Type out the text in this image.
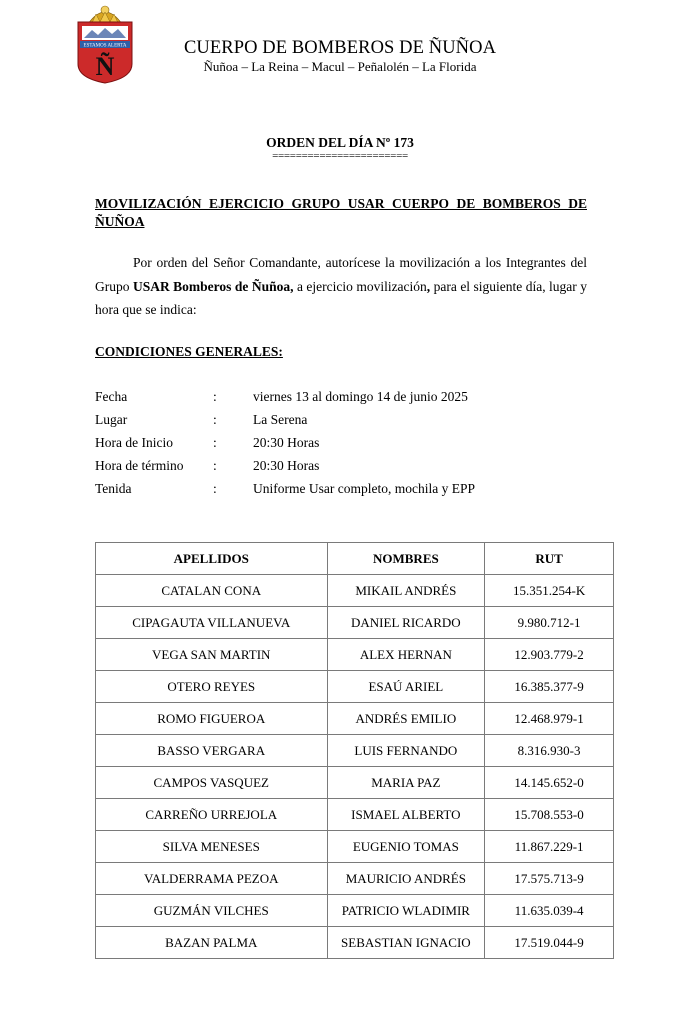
ESTAMOS ALERTA
Ñ
CUERPO DE BOMBEROS DE ÑUÑOA
Ñuñoa – La Reina – Macul – Peñalolén – La Florida
ORDEN DEL DÍA Nº 173
=======================
MOVILIZACIÓN EJERCICIO GRUPO USAR CUERPO DE BOMBEROS DE
ÑUÑOA
Por orden del Señor Comandante, autorícese la movilización a los Integrantes del
Grupo USAR Bomberos de Ñuñoa, a ejercicio movilización, para el siguiente día, lugar y
hora que se indica:
CONDICIONES GENERALES:
Fecha	:	viernes 13 al domingo 14 de junio 2025
Lugar	:	La Serena
Hora de Inicio	:	20:30 Horas
Hora de término :	20:30 Horas
Tenida	:	Uniforme Usar completo, mochila y EPP
APELLIDOS	NOMBRES	RUT
CATALAN CONA	MIKAIL ANDRÉS	15.351.254-K
CIPAGAUTA VILLANUEVA	DANIEL RICARDO	9.980.712-1
VEGA SAN MARTIN	ALEX HERNAN	12.903.779-2
OTERO REYES	ESAÚ ARIEL	16.385.377-9
ROMO FIGUEROA	ANDRÉS EMILIO	12.468.979-1
BASSO VERGARA	LUIS FERNANDO	8.316.930-3
CAMPOS VASQUEZ	MARIA PAZ	14.145.652-0
CARREÑO URREJOLA	ISMAEL ALBERTO	15.708.553-0
SILVA MENESES	EUGENIO TOMAS	11.867.229-1
VALDERRAMA PEZOA	MAURICIO ANDRÉS	17.575.713-9
GUZMÁN VILCHES	PATRICIO WLADIMIR	11.635.039-4
BAZAN PALMA	SEBASTIAN IGNACIO	17.519.044-9
